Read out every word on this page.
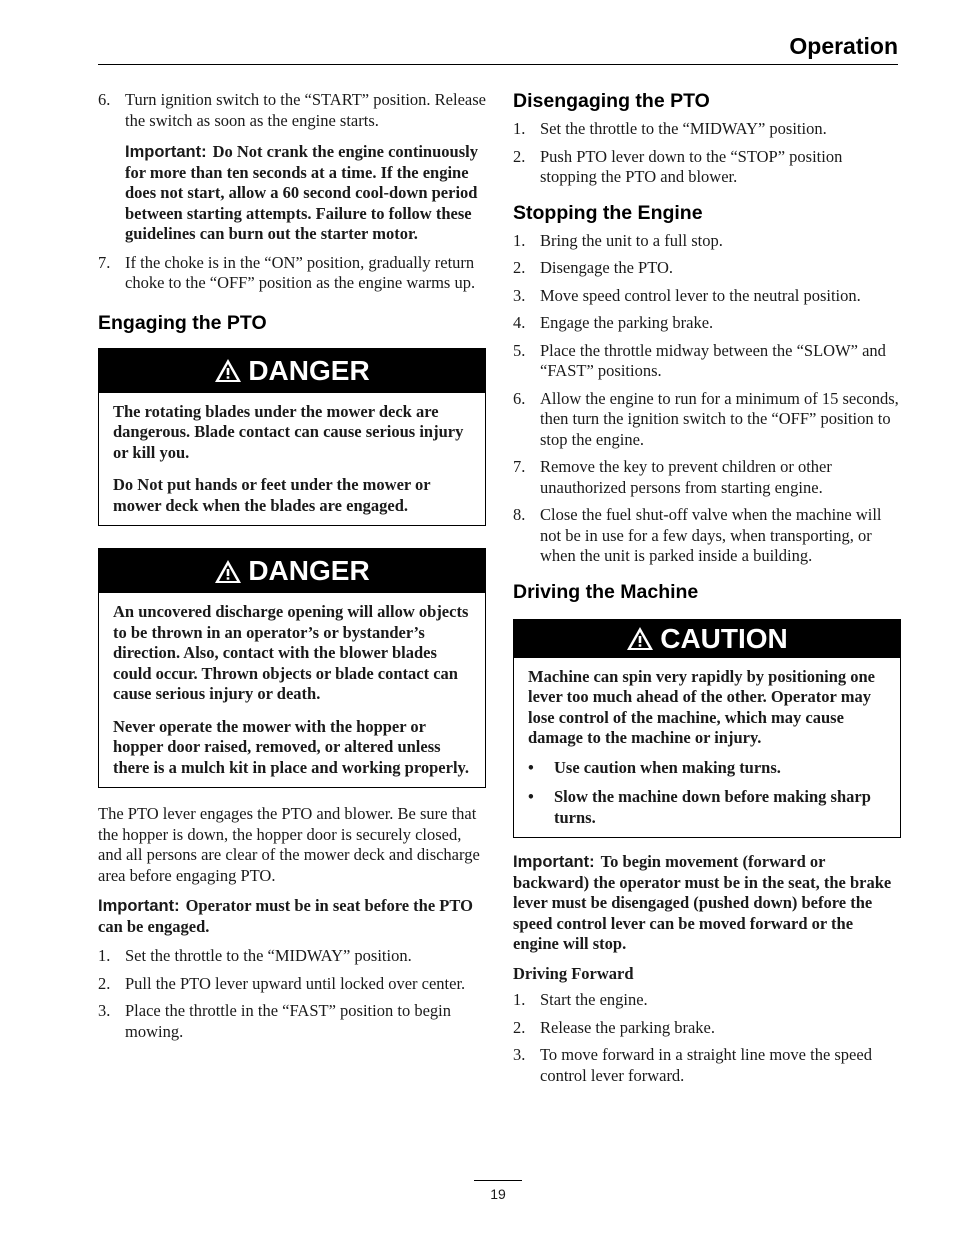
Operation
6. Turn ignition switch to the “START” position. Release the switch as soon as the engine starts.
Important: Do Not crank the engine continuously for more than ten seconds at a time. If the engine does not start, allow a 60 second cool-down period between starting attempts. Failure to follow these guidelines can burn out the starter motor.
7. If the choke is in the “ON” position, gradually return choke to the “OFF” position as the engine warms up.
Engaging the PTO
DANGER

The rotating blades under the mower deck are dangerous. Blade contact can cause serious injury or kill you.

Do Not put hands or feet under the mower or mower deck when the blades are engaged.

DANGER

An uncovered discharge opening will allow objects to be thrown in an operator’s or bystander’s direction. Also, contact with the blower blades could occur. Thrown objects or blade contact can cause serious injury or death.

Never operate the mower with the hopper or hopper door raised, removed, or altered unless there is a mulch kit in place and working properly.

The PTO lever engages the PTO and blower. Be sure that the hopper is down, the hopper door is securely closed, and all persons are clear of the mower deck and discharge area before engaging PTO.

Important: Operator must be in seat before the PTO can be engaged.
1. Set the throttle to the “MIDWAY” position.
2. Pull the PTO lever upward until locked over center.
3. Place the throttle in the “FAST” position to begin mowing.
Disengaging the PTO
1. Set the throttle to the “MIDWAY” position.
2. Push PTO lever down to the “STOP” position stopping the PTO and blower.
Stopping the Engine
1. Bring the unit to a full stop.
2. Disengage the PTO.
3. Move speed control lever to the neutral position.
4. Engage the parking brake.
5. Place the throttle midway between the “SLOW” and “FAST” positions.
6. Allow the engine to run for a minimum of 15 seconds, then turn the ignition switch to the “OFF” position to stop the engine.
7. Remove the key to prevent children or other unauthorized persons from starting engine.
8. Close the fuel shut-off valve when the machine will not be in use for a few days, when transporting, or when the unit is parked inside a building.
Driving the Machine
CAUTION

Machine can spin very rapidly by positioning one lever too much ahead of the other. Operator may lose control of the machine, which may cause damage to the machine or injury.

• Use caution when making turns.
• Slow the machine down before making sharp turns.
Important: To begin movement (forward or backward) the operator must be in the seat, the brake lever must be disengaged (pushed down) before the speed control lever can be moved forward or the engine will stop.
Driving Forward
1. Start the engine.
2. Release the parking brake.
3. To move forward in a straight line move the speed control lever forward.
19
